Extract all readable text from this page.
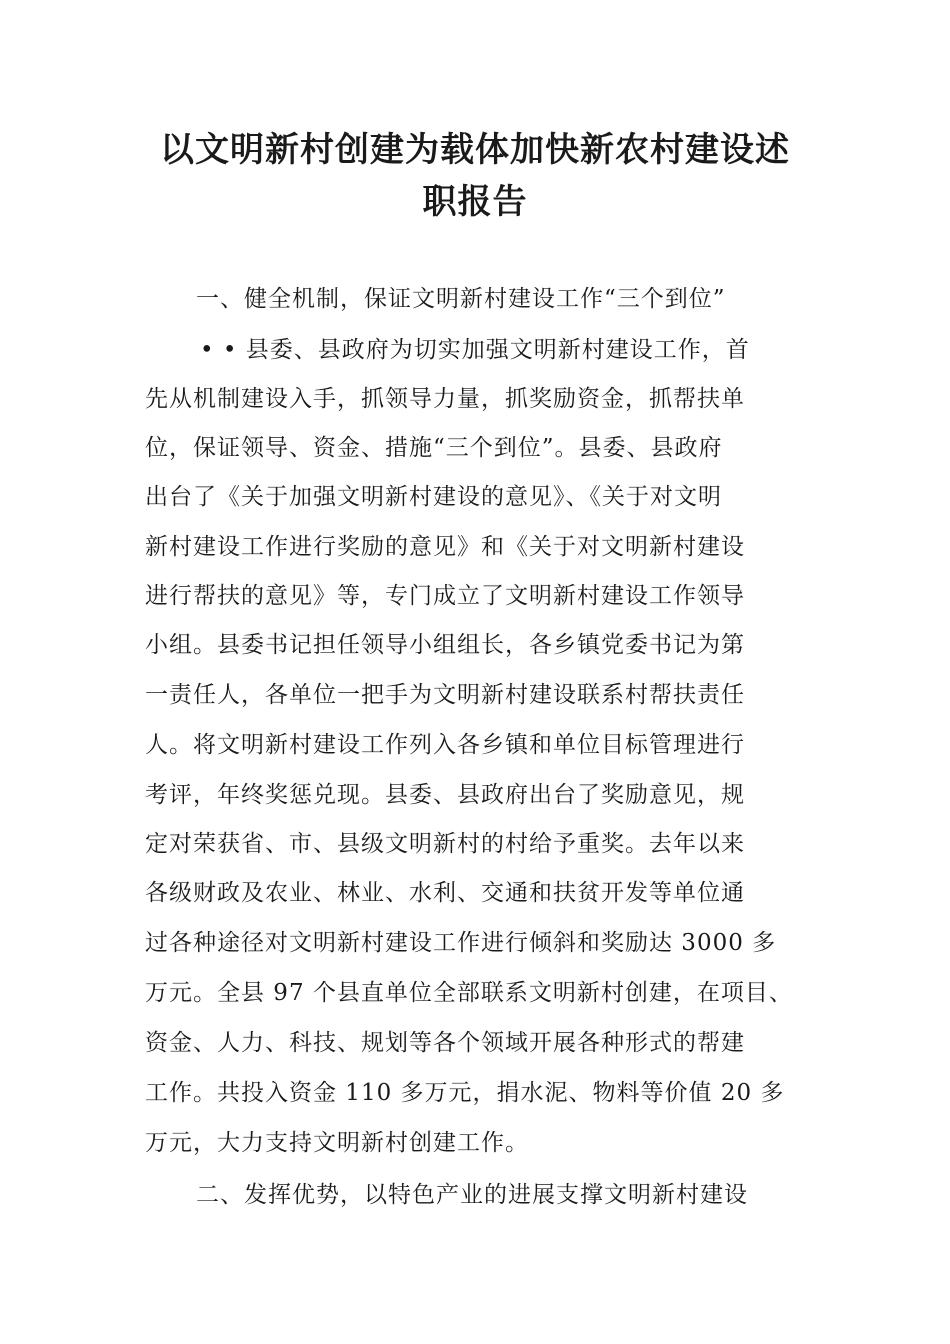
以文明新村创建为载体加快新农村建设述
职报告
一、健全机制，保证文明新村建设工作“三个到位”
• • 县委、县政府为切实加强文明新村建设工作，首
先从机制建设入手，抓领导力量，抓奖励资金，抓帮扶单
位，保证领导、资金、措施“三个到位”。县委、县政府
出台了《关于加强文明新村建设的意见》、《关于对文明
新村建设工作进行奖励的意见》和《关于对文明新村建设
进行帮扶的意见》等，专门成立了文明新村建设工作领导
小组。县委书记担任领导小组组长，各乡镇党委书记为第
一责任人，各单位一把手为文明新村建设联系村帮扶责任
人。将文明新村建设工作列入各乡镇和单位目标管理进行
考评，年终奖惩兑现。县委、县政府出台了奖励意见，规
定对荣获省、市、县级文明新村的村给予重奖。去年以来
各级财政及农业、林业、水利、交通和扶贫开发等单位通
过各种途径对文明新村建设工作进行倾斜和奖励达 3000 多
万元。全县 97 个县直单位全部联系文明新村创建，在项目、
资金、人力、科技、规划等各个领域开展各种形式的帮建
工作。共投入资金 110 多万元，捐水泥、物料等价值 20 多
万元，大力支持文明新村创建工作。
二、发挥优势，以特色产业的进展支撑文明新村建设
